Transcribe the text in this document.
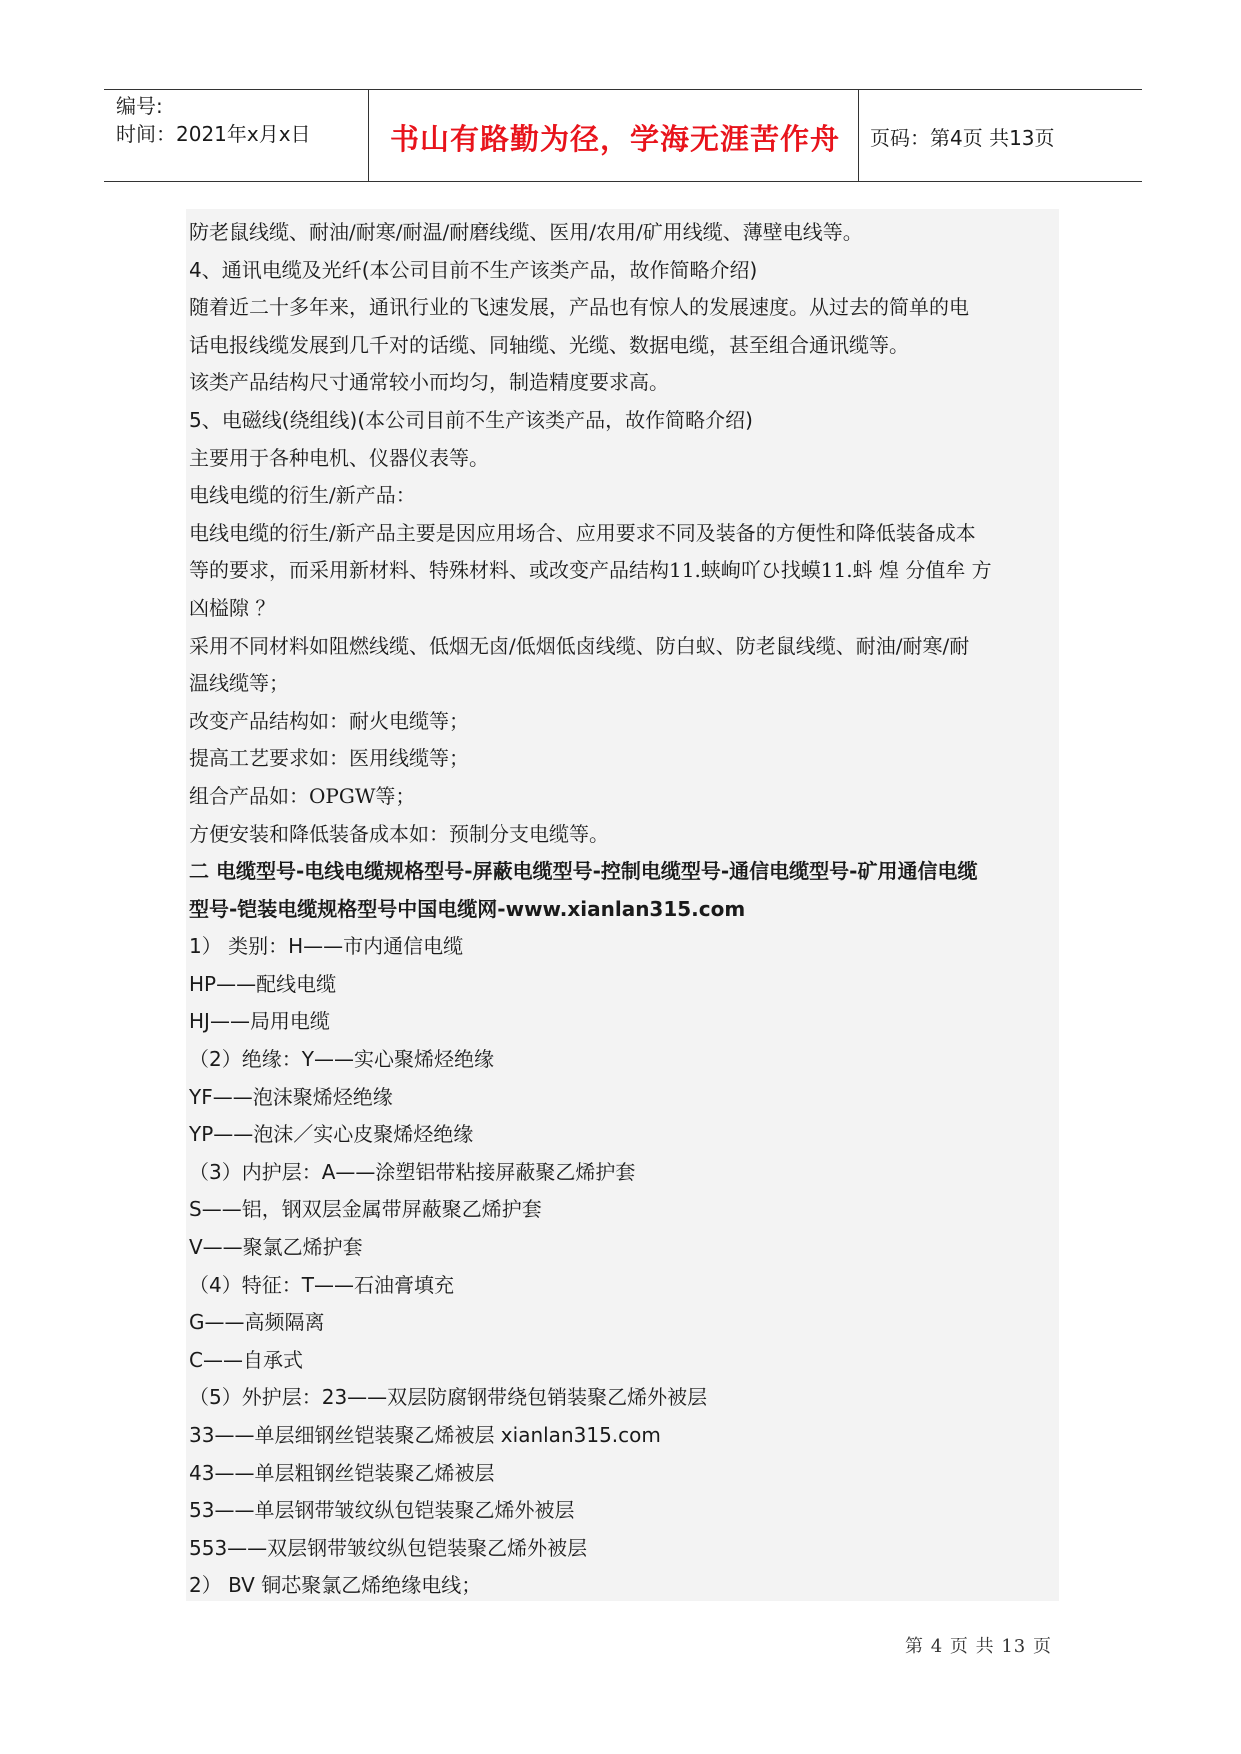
编号:
时间：2021年x月x日	书山有路勤为径，学海无涯苦作舟	页码：第4页 共13页
防老鼠线缆、耐油/耐寒/耐温/耐磨线缆、医用/农用/矿用线缆、薄壁电线等。
4、通讯电缆及光纤(本公司目前不生产该类产品，故作简略介绍)
随着近二十多年来，通讯行业的飞速发展，产品也有惊人的发展速度。从过去的简单的电
话电报线缆发展到几千对的话缆、同轴缆、光缆、数据电缆，甚至组合通讯缆等。
该类产品结构尺寸通常较小而均匀，制造精度要求高。
5、电磁线(绕组线)(本公司目前不生产该类产品，故作简略介绍)
主要用于各种电机、仪器仪表等。
电线电缆的衍生/新产品：
电线电缆的衍生/新产品主要是因应用场合、应用要求不同及装备的方便性和降低装备成本
等的要求，而采用新材料、特殊材料、或改变产品结构11.蛱峋吖ひ找蟆11.蚪 煌 分值牟 方
凶榏隙 ？
采用不同材料如阻燃线缆、低烟无卤/低烟低卤线缆、防白蚁、防老鼠线缆、耐油/耐寒/耐
温线缆等；
改变产品结构如：耐火电缆等；
提高工艺要求如：医用线缆等；
组合产品如：OPGW等；
方便安装和降低装备成本如：预制分支电缆等。
二 电缆型号-电线电缆规格型号-屏蔽电缆型号-控制电缆型号-通信电缆型号-矿用通信电缆
型号-铠装电缆规格型号中国电缆网-www.xianlan315.com
1） 类别：H——市内通信电缆
HP——配线电缆
HJ——局用电缆
（2）绝缘：Y——实心聚烯烃绝缘
YF——泡沫聚烯烃绝缘
YP——泡沫／实心皮聚烯烃绝缘
（3）内护层：A——涂塑铝带粘接屏蔽聚乙烯护套
S——铝，钢双层金属带屏蔽聚乙烯护套
V——聚氯乙烯护套
（4）特征：T——石油膏填充
G——高频隔离
C——自承式
（5）外护层：23——双层防腐钢带绕包销装聚乙烯外被层
33——单层细钢丝铠装聚乙烯被层 xianlan315.com
43——单层粗钢丝铠装聚乙烯被层
53——单层钢带皱纹纵包铠装聚乙烯外被层
553——双层钢带皱纹纵包铠装聚乙烯外被层
2） BV 铜芯聚氯乙烯绝缘电线；
第 4 页 共 13 页
